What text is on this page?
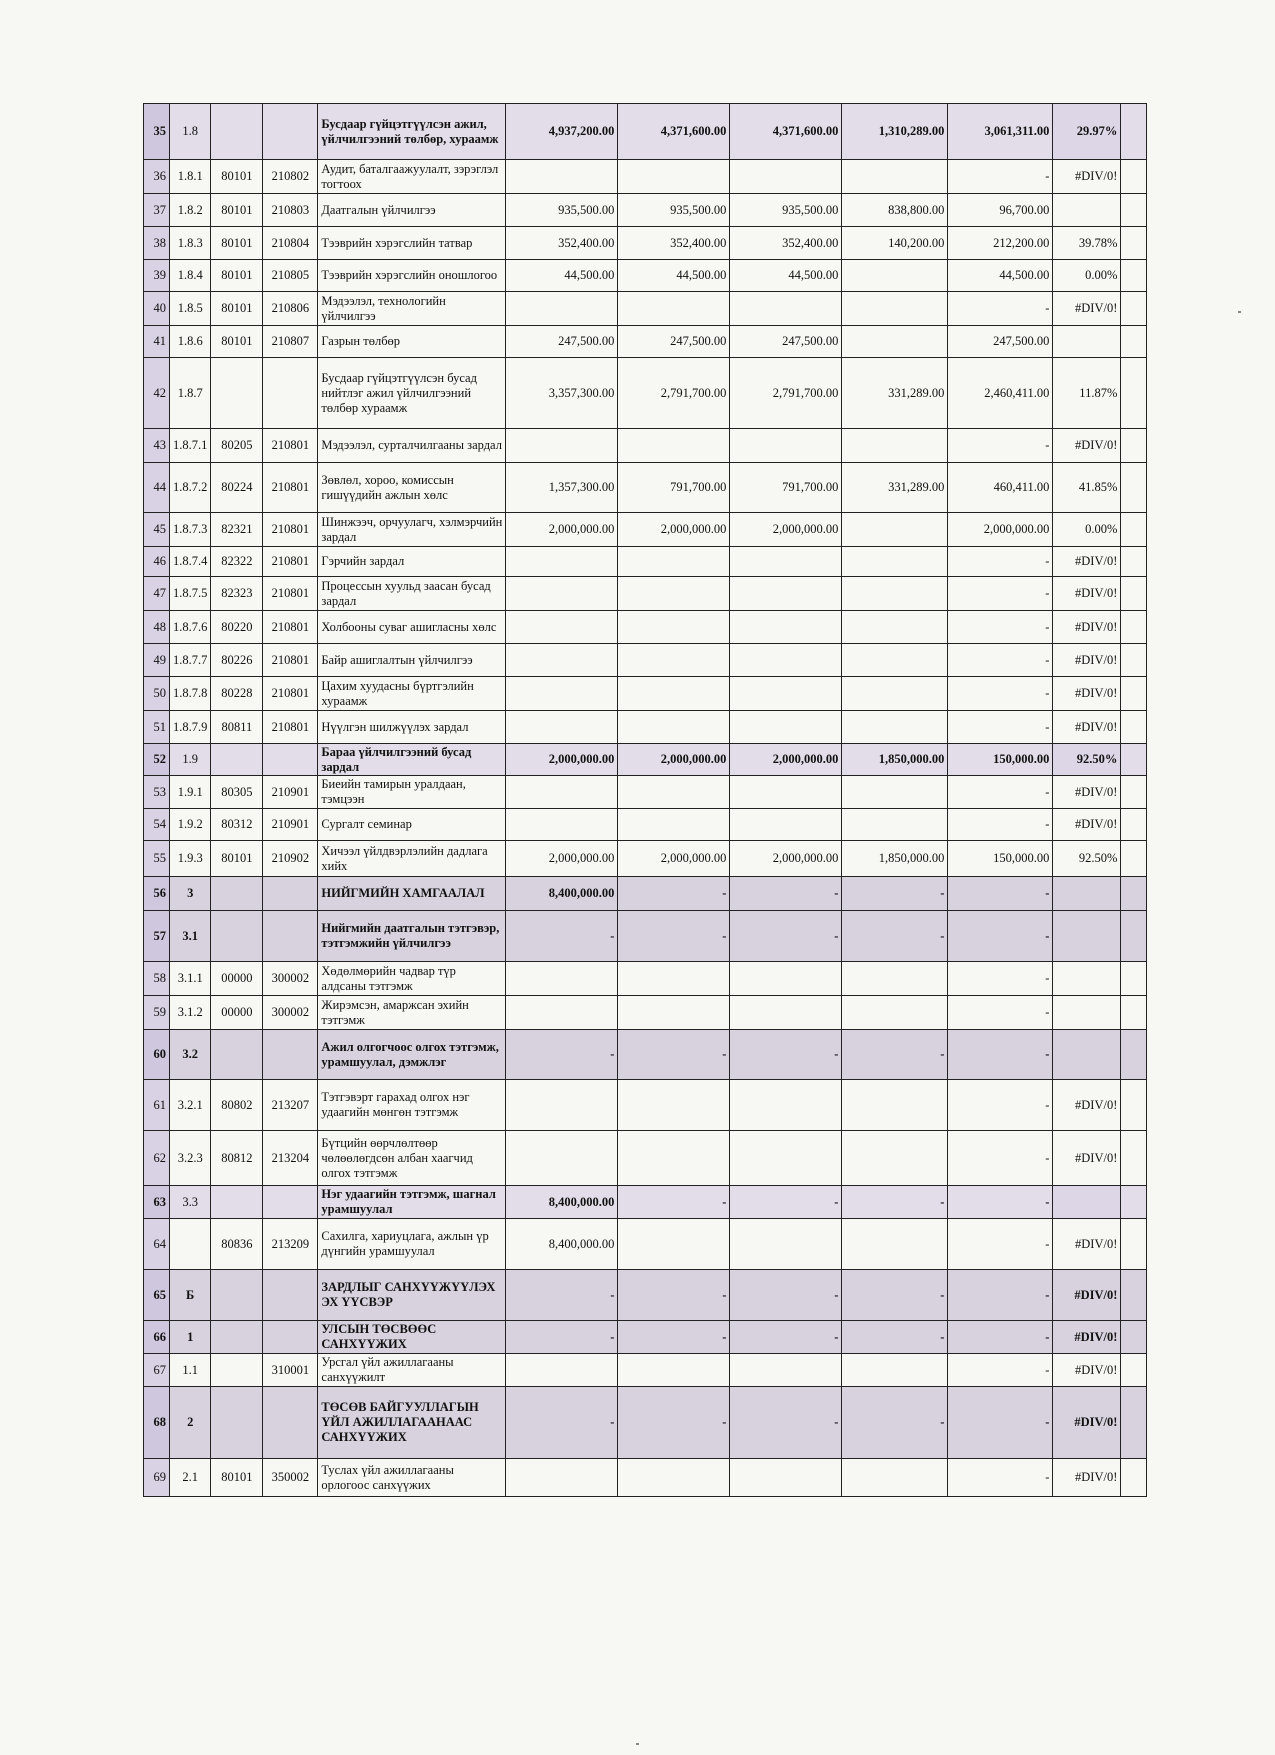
35	1.8			Бусдаар гүйцэтгүүлсэн ажил, үйлчилгээний төлбөр, хураамж	4,937,200.00	4,371,600.00	4,371,600.00	1,310,289.00	3,061,311.00	29.97%	
36	1.8.1	80101	210802	Аудит, баталгаажуулалт, зэрэглэл тогтоох					-	#DIV/0!	
37	1.8.2	80101	210803	Даатгалын үйлчилгээ	935,500.00	935,500.00	935,500.00	838,800.00	96,700.00		
38	1.8.3	80101	210804	Тээврийн хэрэгслийн татвар	352,400.00	352,400.00	352,400.00	140,200.00	212,200.00	39.78%	
39	1.8.4	80101	210805	Тээврийн хэрэгслийн оношлогоо	44,500.00	44,500.00	44,500.00		44,500.00	0.00%	
40	1.8.5	80101	210806	Мэдээлэл, технологийн үйлчилгээ					-	#DIV/0!	
41	1.8.6	80101	210807	Газрын төлбөр	247,500.00	247,500.00	247,500.00		247,500.00		
42	1.8.7			Бусдаар гүйцэтгүүлсэн бусад нийтлэг ажил үйлчилгээний төлбөр хураамж	3,357,300.00	2,791,700.00	2,791,700.00	331,289.00	2,460,411.00	11.87%	
43	1.8.7.1	80205	210801	Мэдээлэл, сурталчилгааны зардал					-	#DIV/0!	
44	1.8.7.2	80224	210801	Зөвлөл, хороо, комиссын гишүүдийн ажлын хөлс	1,357,300.00	791,700.00	791,700.00	331,289.00	460,411.00	41.85%	
45	1.8.7.3	82321	210801	Шинжээч, орчуулагч, хэлмэрчийн зардал	2,000,000.00	2,000,000.00	2,000,000.00		2,000,000.00	0.00%	
46	1.8.7.4	82322	210801	Гэрчийн зардал					-	#DIV/0!	
47	1.8.7.5	82323	210801	Процессын хуульд заасан бусад зардал					-	#DIV/0!	
48	1.8.7.6	80220	210801	Холбооны суваг ашигласны хөлс					-	#DIV/0!	
49	1.8.7.7	80226	210801	Байр ашиглалтын үйлчилгээ					-	#DIV/0!	
50	1.8.7.8	80228	210801	Цахим хуудасны бүртгэлийн хураамж					-	#DIV/0!	
51	1.8.7.9	80811	210801	Нүүлгэн шилжүүлэх зардал					-	#DIV/0!	
52	1.9			Бараа үйлчилгээний бусад зардал	2,000,000.00	2,000,000.00	2,000,000.00	1,850,000.00	150,000.00	92.50%	
53	1.9.1	80305	210901	Биеийн тамирын уралдаан, тэмцээн					-	#DIV/0!	
54	1.9.2	80312	210901	Сургалт семинар					-	#DIV/0!	
55	1.9.3	80101	210902	Хичээл үйлдвэрлэлийн дадлага хийх	2,000,000.00	2,000,000.00	2,000,000.00	1,850,000.00	150,000.00	92.50%	
56	3			НИЙГМИЙН ХАМГААЛАЛ	8,400,000.00	-	-	-	-		
57	3.1			Нийгмийн даатгалын тэтгэвэр, тэтгэмжийн үйлчилгээ	-	-	-	-	-		
58	3.1.1	00000	300002	Хөдөлмөрийн чадвар түр алдсаны тэтгэмж					-		
59	3.1.2	00000	300002	Жирэмсэн, амаржсан эхийн тэтгэмж					-		
60	3.2			Ажил олгогчоос олгох тэтгэмж, урамшуулал, дэмжлэг	-	-	-	-	-		
61	3.2.1	80802	213207	Тэтгэвэрт гарахад олгох нэг удаагийн мөнгөн тэтгэмж					-	#DIV/0!	
62	3.2.3	80812	213204	Бүтцийн өөрчлөлтөөр чөлөөлөгдсөн албан хаагчид олгох тэтгэмж					-	#DIV/0!	
63	3.3			Нэг удаагийн тэтгэмж, шагнал урамшуулал	8,400,000.00	-	-	-	-		
64		80836	213209	Сахилга, хариуцлага, ажлын үр дүнгийн урамшуулал	8,400,000.00				-	#DIV/0!	
65	Б			ЗАРДЛЫГ САНХҮҮЖҮҮЛЭХ ЭХ ҮҮСВЭР	-	-	-	-	-	#DIV/0!	
66	1			УЛСЫН ТӨСВӨӨС САНХҮҮЖИХ	-	-	-	-	-	#DIV/0!	
67	1.1		310001	Урсгал үйл ажиллагааны санхүүжилт					-	#DIV/0!	
68	2			ТӨСӨВ БАЙГУУЛЛАГЫН ҮЙЛ АЖИЛЛАГААНААС САНХҮҮЖИХ	-	-	-	-	-	#DIV/0!	
69	2.1	80101	350002	Туслах үйл ажиллагааны орлогоос санхүүжих					-	#DIV/0!	
